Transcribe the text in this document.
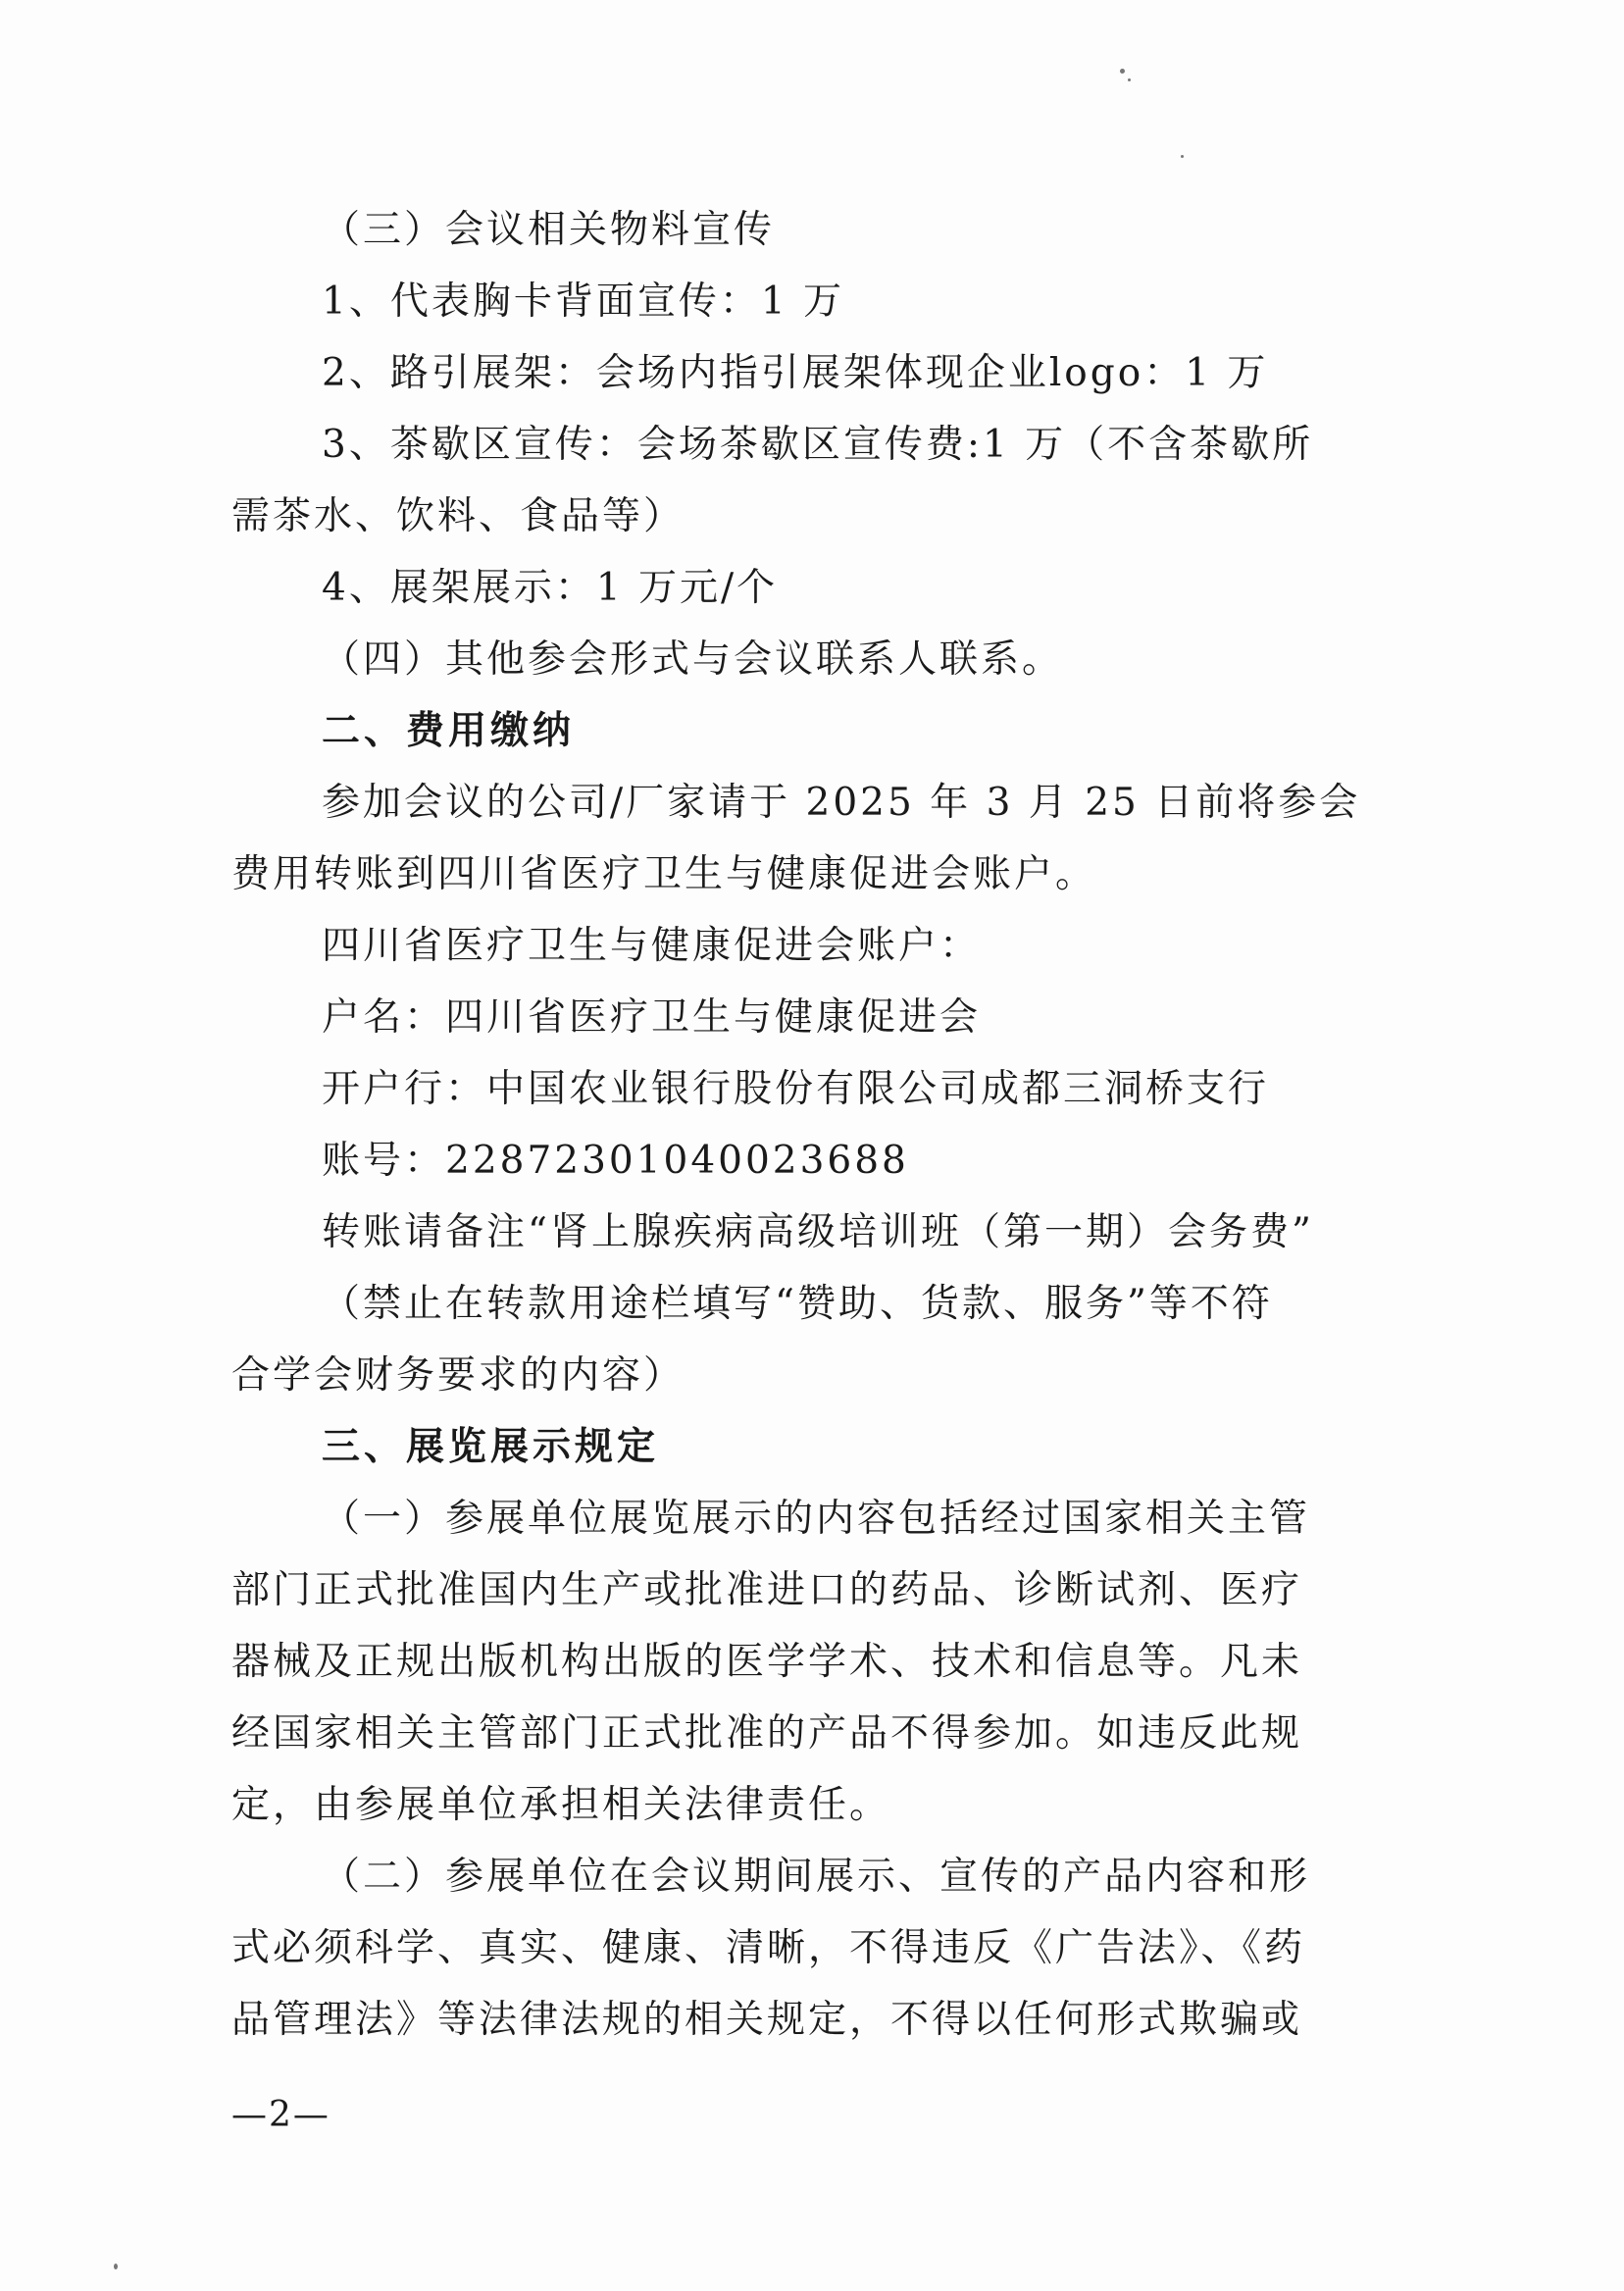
（三）会议相关物料宣传
1、代表胸卡背面宣传：1 万
2、路引展架：会场内指引展架体现企业logo：1 万
3、茶歇区宣传：会场茶歇区宣传费:1 万（不含茶歇所
需茶水、饮料、食品等）
4、展架展示：1 万元/个
（四）其他参会形式与会议联系人联系。
二、费用缴纳
参加会议的公司/厂家请于 2025 年 3 月 25 日前将参会
费用转账到四川省医疗卫生与健康促进会账户。
四川省医疗卫生与健康促进会账户：
户名：四川省医疗卫生与健康促进会
开户行：中国农业银行股份有限公司成都三洞桥支行
账号：22872301040023688
转账请备注“肾上腺疾病高级培训班（第一期）会务费”
（禁止在转款用途栏填写“赞助、货款、服务”等不符
合学会财务要求的内容）
三、展览展示规定
（一）参展单位展览展示的内容包括经过国家相关主管
部门正式批准国内生产或批准进口的药品、诊断试剂、医疗
器械及正规出版机构出版的医学学术、技术和信息等。凡未
经国家相关主管部门正式批准的产品不得参加。如违反此规
定，由参展单位承担相关法律责任。
（二）参展单位在会议期间展示、宣传的产品内容和形
式必须科学、真实、健康、清晰，不得违反《广告法》、《药
品管理法》等法律法规的相关规定，不得以任何形式欺骗或
—2—
